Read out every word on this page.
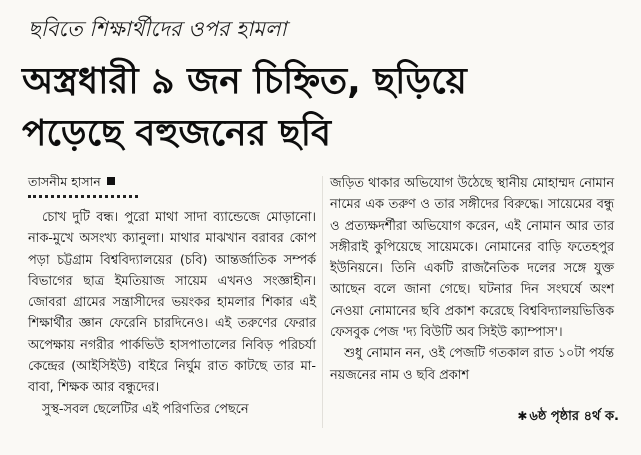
ছবিতে শিক্ষার্থীদের ওপর হামলা
অস্ত্রধারী ৯ জন চিহ্নিত, ছড়িয়ে
পড়েছে বহুজনের ছবি
তাসনীম হাসান

চোখ দুটি বন্ধ। পুরো মাথা সাদা ব্যান্ডেজে মোড়ানো। নাক-মুখে অসংখ্য ক্যানুলা। মাথার মাঝখান বরাবর কোপ পড়া চট্টগ্রাম বিশ্ববিদ্যালয়ের (চবি) আন্তর্জাতিক সম্পর্ক বিভাগের ছাত্র ইমতিয়াজ সায়েম এখনও সংজ্ঞাহীন। জোবরা গ্রামের সন্ত্রাসীদের ভয়ংকর হামলার শিকার এই শিক্ষার্থীর জ্ঞান ফেরেনি চারদিনেও। এই তরুণের ফেরার অপেক্ষায় নগরীর পার্কভিউ হাসপাতালের নিবিড় পরিচর্যা কেন্দ্রের (আইসিইউ) বাইরে নির্ঘুম রাত কাটছে তার মা-বাবা, শিক্ষক আর বন্ধুদের।

সুস্থ-সবল ছেলেটির এই পরিণতির পেছনে

জড়িত থাকার অভিযোগ উঠেছে স্থানীয় মোহাম্মদ নোমান নামের এক তরুণ ও তার সঙ্গীদের বিরুদ্ধে। সায়েমের বন্ধু ও প্রত্যক্ষদর্শীরা অভিযোগ করেন, এই নোমান আর তার সঙ্গীরাই কুপিয়েছে সায়েমকে। নোমানের বাড়ি ফতেহপুর ইউনিয়নে। তিনি একটি রাজনৈতিক দলের সঙ্গে যুক্ত আছেন বলে জানা গেছে। ঘটনার দিন সংঘর্ষে অংশ নেওয়া নোমানের ছবি প্রকাশ করেছে বিশ্ববিদ্যালয়ভিত্তিক ফেসবুক পেজ 'দ্য বিউটি অব সিইউ ক্যাম্পাস'।

শুধু নোমান নন, ওই পেজটি গতকাল রাত ১০টা পর্যন্ত নয়জনের নাম ও ছবি প্রকাশ

✱ ৬ষ্ঠ পৃষ্ঠার ৪র্থ ক.
